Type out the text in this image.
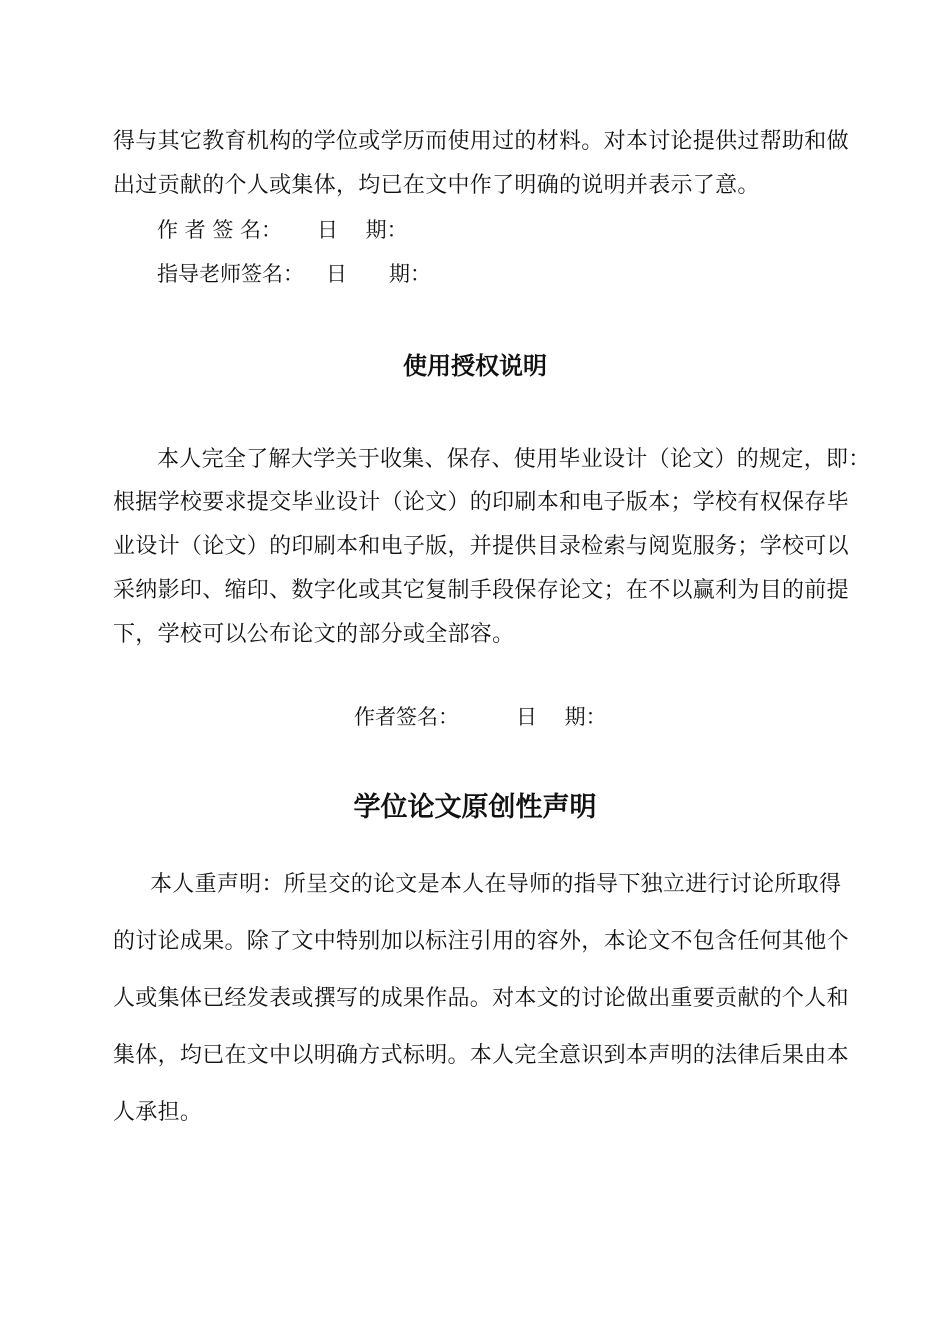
得与其它教育机构的学位或学历而使用过的材料。对本讨论提供过帮助和做
出过贡献的个人或集体，均已在文中作了明确的说明并表示了意。
作 者 签 名： 日　 期：
指导老师签名： 日　　期：
使用授权说明
本人完全了解大学关于收集、保存、使用毕业设计（论文）的规定，即：
根据学校要求提交毕业设计（论文）的印刷本和电子版本；学校有权保存毕
业设计（论文）的印刷本和电子版，并提供目录检索与阅览服务；学校可以
采纳影印、缩印、数字化或其它复制手段保存论文；在不以赢利为目的前提
下，学校可以公布论文的部分或全部容。
作者签名：	日　 期：
学位论文原创性声明
本人重声明：所呈交的论文是本人在导师的指导下独立进行讨论所取得
的讨论成果。除了文中特别加以标注引用的容外，本论文不包含任何其他个
人或集体已经发表或撰写的成果作品。对本文的讨论做出重要贡献的个人和
集体，均已在文中以明确方式标明。本人完全意识到本声明的法律后果由本
人承担。
